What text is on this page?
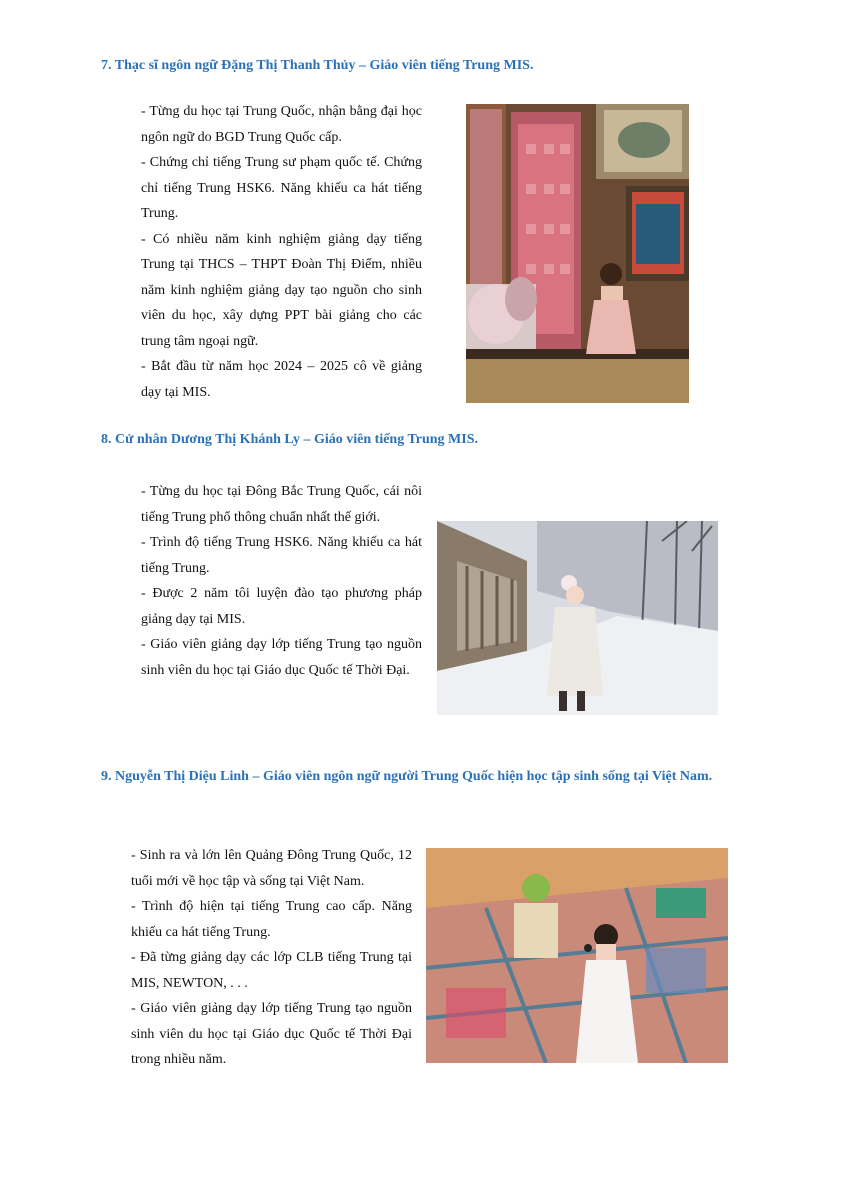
7. Thạc sĩ ngôn ngữ Đặng Thị Thanh Thủy – Giáo viên tiếng Trung MIS.

- Từng du học tại Trung Quốc, nhận bằng đại học ngôn ngữ do BGD Trung Quốc cấp.

- Chứng chỉ tiếng Trung sư phạm quốc tế. Chứng chỉ tiếng Trung HSK6. Năng khiếu ca hát tiếng Trung.

- Có nhiều năm kinh nghiệm giảng dạy tiếng Trung tại THCS – THPT Đoàn Thị Điểm, nhiều năm kinh nghiệm giảng dạy tạo nguồn cho sinh viên du học, xây dựng PPT bài giảng cho các trung tâm ngoại ngữ.

- Bắt đầu từ năm học 2024 – 2025 cô về giảng dạy tại MIS.

8. Cử nhân Dương Thị Khánh Ly – Giáo viên tiếng Trung MIS.

- Từng du học tại Đông Bắc Trung Quốc, cái nôi tiếng Trung phổ thông chuẩn nhất thế giới.

- Trình độ tiếng Trung HSK6. Năng khiếu ca hát tiếng Trung.

- Được 2 năm tôi luyện đào tạo phương pháp giảng dạy tại MIS.

- Giáo viên giảng dạy lớp tiếng Trung tạo nguồn sinh viên du học tại Giáo dục Quốc tế Thời Đại.

9. Nguyễn Thị Diệu Linh – Giáo viên ngôn ngữ người Trung Quốc hiện học tập sinh sống tại Việt Nam.

- Sinh ra và lớn lên Quảng Đông Trung Quốc, 12 tuổi mới về học tập và sống tại Việt Nam.

- Trình độ hiện tại tiếng Trung cao cấp. Năng khiếu ca hát tiếng Trung.

- Đã từng giảng dạy các lớp CLB tiếng Trung tại MIS, NEWTON, . . .

- Giáo viên giảng dạy lớp tiếng Trung tạo nguồn sinh viên du học tại Giáo dục Quốc tế Thời Đại trong nhiều năm.
